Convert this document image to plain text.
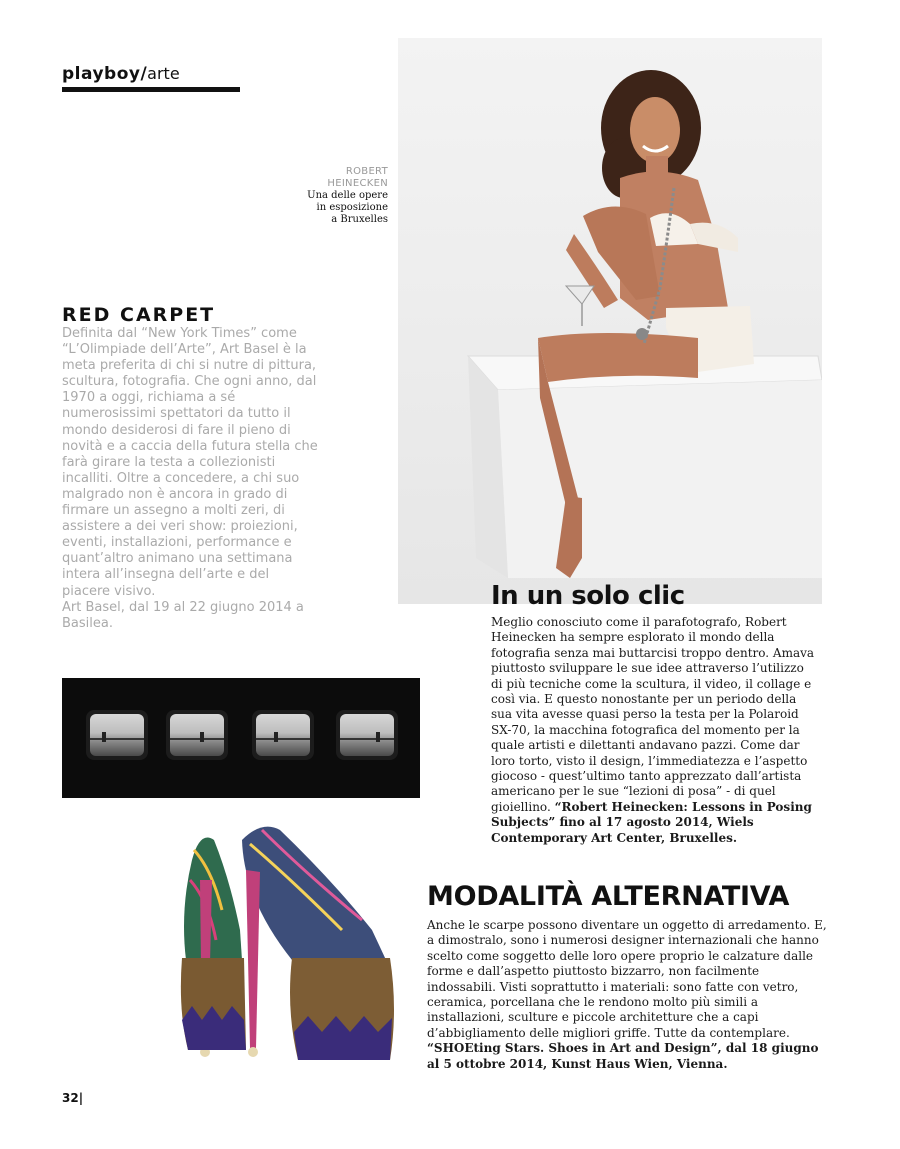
playboy/arte
ROBERT
HEINECKEN
Una delle opere
in esposizione
a Bruxelles
RED CARPET

Definita dal “New York Times” come “L’Olimpiade dell’Arte”, Art Basel è la meta preferita di chi si nutre di pittura, scultura, fotografia. Che ogni anno, dal 1970 a oggi, richiama a sé numerosissimi spettatori da tutto il mondo desiderosi di fare il pieno di novità e a caccia della futura stella che farà girare la testa a collezionisti incalliti. Oltre a concedere, a chi suo malgrado non è ancora in grado di firmare un assegno a molti zeri, di assistere a dei veri show: proiezioni, eventi, installazioni, performance e quant’altro animano una settimana intera all’insegna dell’arte e del piacere visivo.

Art Basel, dal 19 al 22 giugno 2014 a Basilea.

In un solo clic
Meglio conosciuto come il parafotografo, Robert Heinecken ha sempre esplorato il mondo della fotografia senza mai buttarcisi troppo dentro. Amava piuttosto sviluppare le sue idee attraverso l’utilizzo di più tecniche come la scultura, il video, il collage e così via. E questo nonostante per un periodo della sua vita avesse quasi perso la testa per la Polaroid SX-70, la macchina fotografica del momento per la quale artisti e dilettanti andavano pazzi. Come dar loro torto, visto il design, l’immediatezza e l’aspetto giocoso - quest’ultimo tanto apprezzato dall’artista americano per le sue “lezioni di posa” - di quel gioiellino. “Robert Heinecken: Lessons in Posing Subjects” fino al 17 agosto 2014, Wiels Contemporary Art Center, Bruxelles.
MODALITÀ ALTERNATIVA
Anche le scarpe possono diventare un oggetto di arredamento. E, a dimostralo, sono i numerosi designer internazionali che hanno scelto come soggetto delle loro opere proprio le calzature dalle forme e dall’aspetto piuttosto bizzarro, non facilmente indossabili. Visti soprattutto i materiali: sono fatte con vetro, ceramica, porcellana che le rendono molto più simili a installazioni, sculture e piccole architetture che a capi d’abbigliamento delle migliori griffe. Tutte da contemplare.
“SHOEting Stars. Shoes in Art and Design”, dal 18 giugno al 5 ottobre 2014, Kunst Haus Wien, Vienna.
32|
